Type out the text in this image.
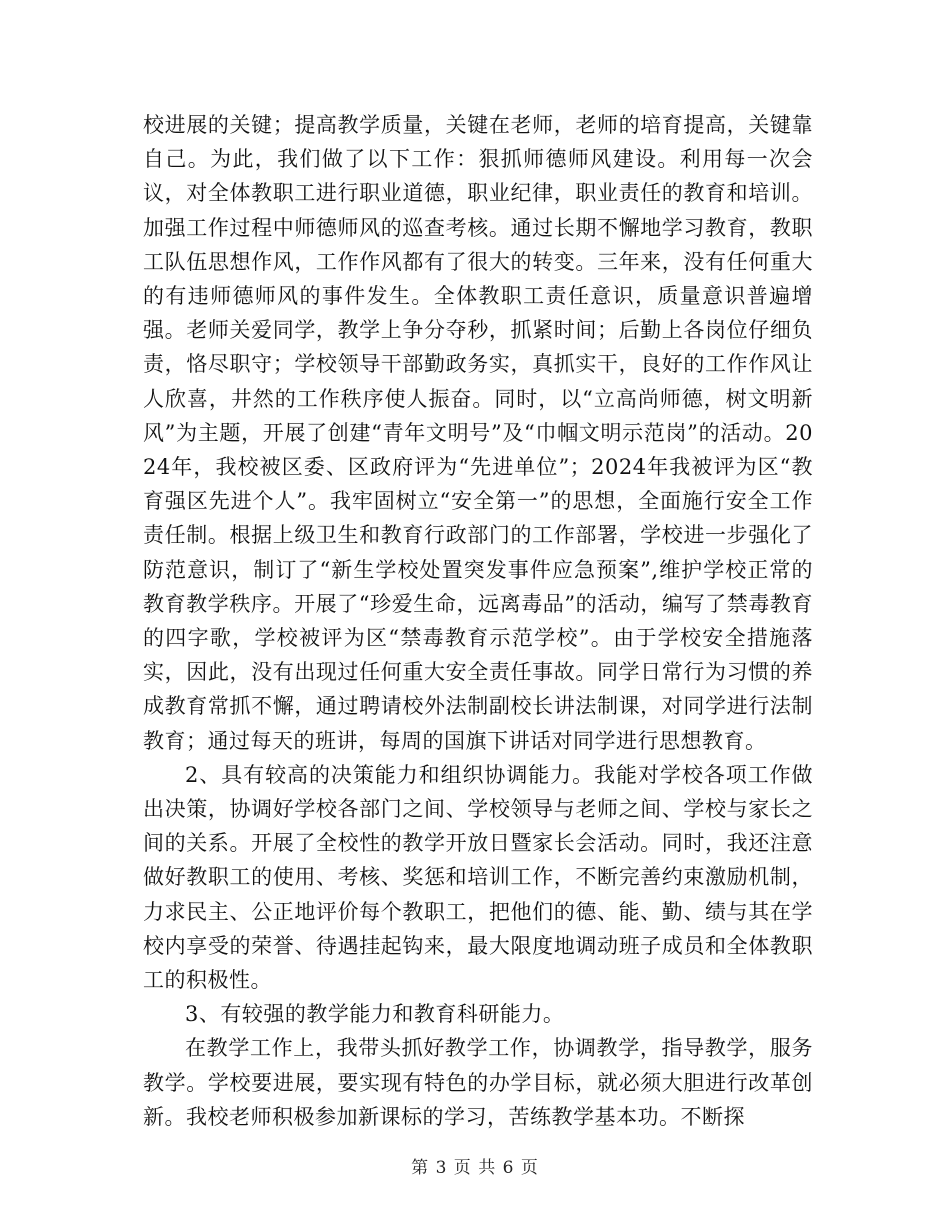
校进展的关键；提高教学质量，关键在老师，老师的培育提高，关键靠自己。为此，我们做了以下工作：狠抓师德师风建设。利用每一次会议，对全体教职工进行职业道德，职业纪律，职业责任的教育和培训。加强工作过程中师德师风的巡查考核。通过长期不懈地学习教育，教职工队伍思想作风，工作作风都有了很大的转变。三年来，没有任何重大的有违师德师风的事件发生。全体教职工责任意识，质量意识普遍增强。老师关爱同学，教学上争分夺秒，抓紧时间；后勤上各岗位仔细负责，恪尽职守；学校领导干部勤政务实，真抓实干，良好的工作作风让人欣喜，井然的工作秩序使人振奋。同时，以“立高尚师德，树文明新风”为主题，开展了创建“青年文明号”及“巾帼文明示范岗”的活动。2024年，我校被区委、区政府评为“先进单位”；2024年我被评为区“教育强区先进个人”。我牢固树立“安全第一”的思想，全面施行安全工作责任制。根据上级卫生和教育行政部门的工作部署，学校进一步强化了防范意识，制订了“新生学校处置突发事件应急预案”,维护学校正常的教育教学秩序。开展了“珍爱生命，远离毒品”的活动，编写了禁毒教育的四字歌，学校被评为区“禁毒教育示范学校”。由于学校安全措施落实，因此，没有出现过任何重大安全责任事故。同学日常行为习惯的养成教育常抓不懈，通过聘请校外法制副校长讲法制课，对同学进行法制教育；通过每天的班讲，每周的国旗下讲话对同学进行思想教育。

2、具有较高的决策能力和组织协调能力。我能对学校各项工作做出决策，协调好学校各部门之间、学校领导与老师之间、学校与家长之间的关系。开展了全校性的教学开放日暨家长会活动。同时，我还注意做好教职工的使用、考核、奖惩和培训工作，不断完善约束激励机制，力求民主、公正地评价每个教职工，把他们的德、能、勤、绩与其在学校内享受的荣誉、待遇挂起钩来，最大限度地调动班子成员和全体教职工的积极性。

3、有较强的教学能力和教育科研能力。

在教学工作上，我带头抓好教学工作，协调教学，指导教学，服务教学。学校要进展，要实现有特色的办学目标，就必须大胆进行改革创新。我校老师积极参加新课标的学习，苦练教学基本功。不断探

第 3 页 共 6 页
